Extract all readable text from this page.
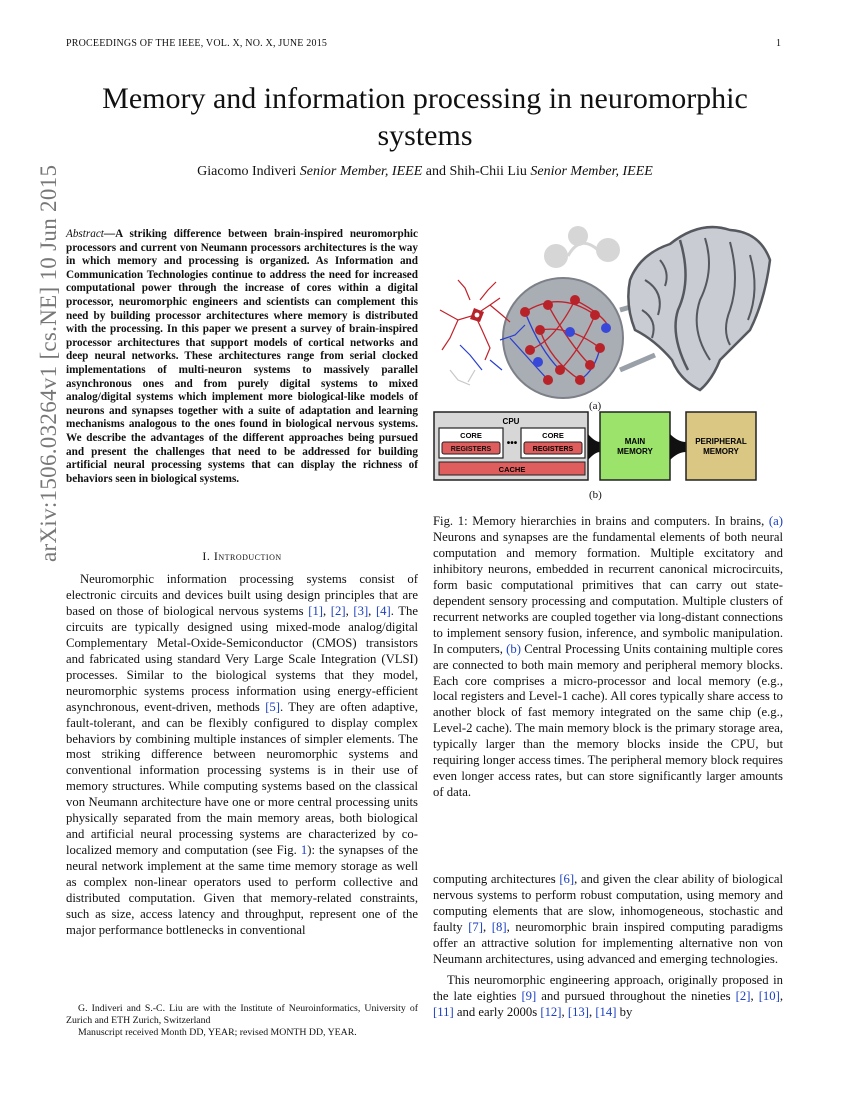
PROCEEDINGS OF THE IEEE, VOL. X, NO. X, JUNE 2015	1
arXiv:1506.03264v1 [cs.NE] 10 Jun 2015
Memory and information processing in neuromorphic systems
Giacomo Indiveri Senior Member, IEEE and Shih-Chii Liu Senior Member, IEEE
Abstract—A striking difference between brain-inspired neuromorphic processors and current von Neumann processors architectures is the way in which memory and processing is organized. As Information and Communication Technologies continue to address the need for increased computational power through the increase of cores within a digital processor, neuromorphic engineers and scientists can complement this need by building processor architectures where memory is distributed with the processing. In this paper we present a survey of brain-inspired processor architectures that support models of cortical networks and deep neural networks. These architectures range from serial clocked implementations of multi-neuron systems to massively parallel asynchronous ones and from purely digital systems to mixed analog/digital systems which implement more biological-like models of neurons and synapses together with a suite of adaptation and learning mechanisms analogous to the ones found in biological nervous systems. We describe the advantages of the different approaches being pursued and present the challenges that need to be addressed for building artificial neural processing systems that can display the richness of behaviors seen in biological systems.
I. Introduction

Neuromorphic information processing systems consist of electronic circuits and devices built using design principles that are based on those of biological nervous systems [1], [2], [3], [4]. The circuits are typically designed using mixed-mode analog/digital Complementary Metal-Oxide-Semiconductor (CMOS) transistors and fabricated using standard Very Large Scale Integration (VLSI) processes. Similar to the biological systems that they model, neuromorphic systems process information using energy-efficient asynchronous, event-driven, methods [5]. They are often adaptive, fault-tolerant, and can be flexibly configured to display complex behaviors by combining multiple instances of simpler elements. The most striking difference between neuromorphic systems and conventional information processing systems is in their use of memory structures. While computing systems based on the classical von Neumann architecture have one or more central processing units physically separated from the main memory areas, both biological and artificial neural processing systems are characterized by co-localized memory and computation (see Fig. 1): the synapses of the neural network implement at the same time memory storage as well as complex non-linear operators used to perform collective and distributed computation. Given that memory-related constraints, such as size, access latency and throughput, represent one of the major performance bottlenecks in conventional

G. Indiveri and S.-C. Liu are with the Institute of Neuroinformatics, University of Zurich and ETH Zurich, Switzerland

Manuscript received Month DD, YEAR; revised MONTH DD, YEAR.

CPU
CORE
REGISTERS
•••
CORE
REGISTERS
CACHE
MAIN
MEMORY
PERIPHERAL
MEMORY
(a)
(b)
Fig. 1: Memory hierarchies in brains and computers. In brains, (a) Neurons and synapses are the fundamental elements of both neural computation and memory formation. Multiple excitatory and inhibitory neurons, embedded in recurrent canonical microcircuits, form basic computational primitives that can carry out state-dependent sensory processing and computation. Multiple clusters of recurrent networks are coupled together via long-distant connections to implement sensory fusion, inference, and symbolic manipulation. In computers, (b) Central Processing Units containing multiple cores are connected to both main memory and peripheral memory blocks. Each core comprises a micro-processor and local memory (e.g., local registers and Level-1 cache). All cores typically share access to another block of fast memory integrated on the same chip (e.g., Level-2 cache). The main memory block is the primary storage area, typically larger than the memory blocks inside the CPU, but requiring longer access times. The peripheral memory block requires even longer access rates, but can store significantly larger amounts of data.

computing architectures [6], and given the clear ability of biological nervous systems to perform robust computation, using memory and computing elements that are slow, inhomogeneous, stochastic and faulty [7], [8], neuromorphic brain inspired computing paradigms offer an attractive solution for implementing alternative non von Neumann architectures, using advanced and emerging technologies.

This neuromorphic engineering approach, originally proposed in the late eighties [9] and pursued throughout the nineties [2], [10], [11] and early 2000s [12], [13], [14] by
